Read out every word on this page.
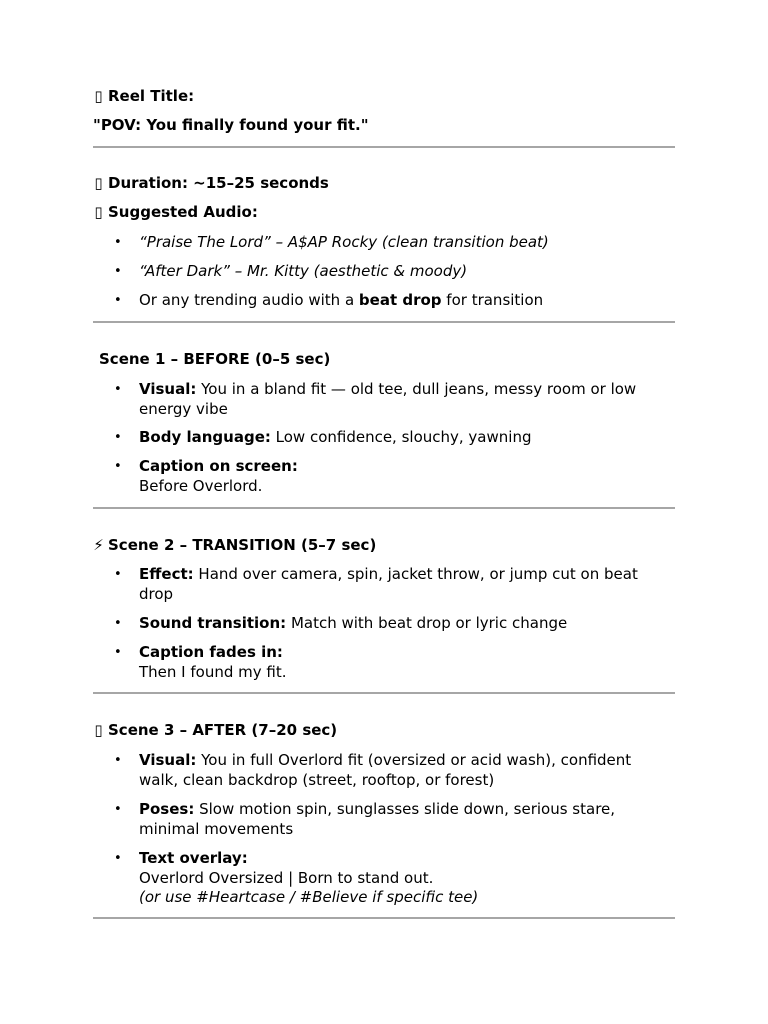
▯ Reel Title:
"POV: You finally found your fit."
▯ Duration: ~15–25 seconds
▯ Suggested Audio:
• “Praise The Lord” – A$AP Rocky (clean transition beat)
• “After Dark” – Mr. Kitty (aesthetic & moody)
• Or any trending audio with a beat drop for transition
Scene 1 – BEFORE (0–5 sec)
• Visual: You in a bland fit — old tee, dull jeans, messy room or low
energy vibe
• Body language: Low confidence, slouchy, yawning
• Caption on screen:
Before Overlord.
⚡ Scene 2 – TRANSITION (5–7 sec)
• Effect: Hand over camera, spin, jacket throw, or jump cut on beat
drop
• Sound transition: Match with beat drop or lyric change
• Caption fades in:
Then I found my fit.
▯ Scene 3 – AFTER (7–20 sec)
• Visual: You in full Overlord fit (oversized or acid wash), confident
walk, clean backdrop (street, rooftop, or forest)
• Poses: Slow motion spin, sunglasses slide down, serious stare,
minimal movements
• Text overlay:
Overlord Oversized | Born to stand out.
(or use #Heartcase / #Believe if specific tee)
